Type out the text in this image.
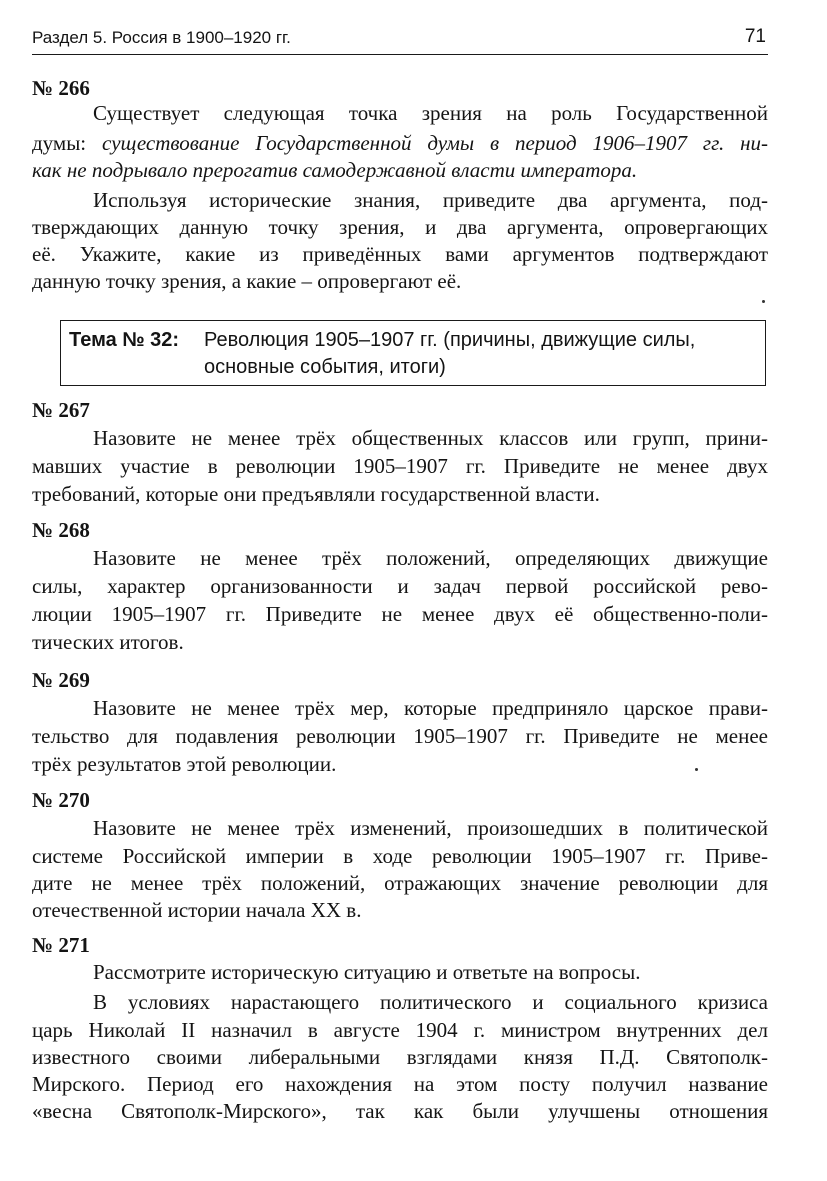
Раздел 5. Россия в 1900–1920 гг.	71
№ 266
Существует следующая точка зрения на роль Государственной
думы: существование Государственной думы в период 1906–1907 гг. ни-
как не подрывало прерогатив самодержавной власти императора.
Используя исторические знания, приведите два аргумента, под-
тверждающих данную точку зрения, и два аргумента, опровергающих
её. Укажите, какие из приведённых вами аргументов подтверждают
данную точку зрения, а какие – опровергают её.
Тема № 32: Революция 1905–1907 гг. (причины, движущие силы,
основные события, итоги)
№ 267
Назовите не менее трёх общественных классов или групп, прини-
мавших участие в революции 1905–1907 гг. Приведите не менее двух
требований, которые они предъявляли государственной власти.
№ 268
Назовите не менее трёх положений, определяющих движущие
силы, характер организованности и задач первой российской рево-
люции 1905–1907 гг. Приведите не менее двух её общественно-поли-
тических итогов.
№ 269
Назовите не менее трёх мер, которые предприняло царское прави-
тельство для подавления революции 1905–1907 гг. Приведите не менее
трёх результатов этой революции.
№ 270
Назовите не менее трёх изменений, произошедших в политической
системе Российской империи в ходе революции 1905–1907 гг. Приве-
дите не менее трёх положений, отражающих значение революции для
отечественной истории начала XX в.
№ 271
Рассмотрите историческую ситуацию и ответьте на вопросы.
В условиях нарастающего политического и социального кризиса
царь Николай II назначил в августе 1904 г. министром внутренних дел
известного своими либеральными взглядами князя П.Д. Святополк-
Мирского. Период его нахождения на этом посту получил название
«весна Святополк-Мирского», так как были улучшены отношения
